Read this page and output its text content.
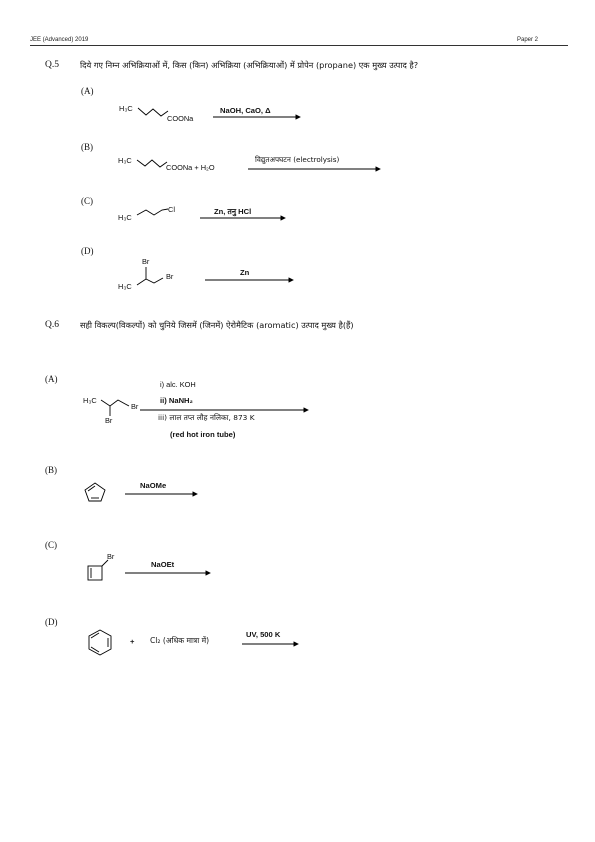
JEE (Advanced) 2019	Paper 2
Q.5	दिये गए निम्न अभिक्रियाओं में, किस (किन) अभिक्रिया (अभिक्रियाओं) में प्रोपेन (propane) एक मुख्य उत्पाद है?
(A)
H₃C
COONa
NaOH, CaO, Δ
(B)
H₃C
COONa + H₂O
विद्युतअपघटन (electrolysis)
(C)
H₃C
Cl	Zn, तनु HCl
(D)
Br
Br
H₃C
Zn
Q.6	सही विकल्प(विकल्पों) को चुनिये जिसमें (जिनमें) ऐरोमैटिक (aromatic) उत्पाद मुख्य है(हैं)
(A)
H₃C
Br
Br
i) alc. KOH
ii) NaNH₂
iii) लाल तप्त लौह नलिका, 873 K
(red hot iron tube)
(B)
NaOMe
(C)
Br
NaOEt
(D)
+ Cl₂ (अधिक मात्रा में)
UV, 500 K
